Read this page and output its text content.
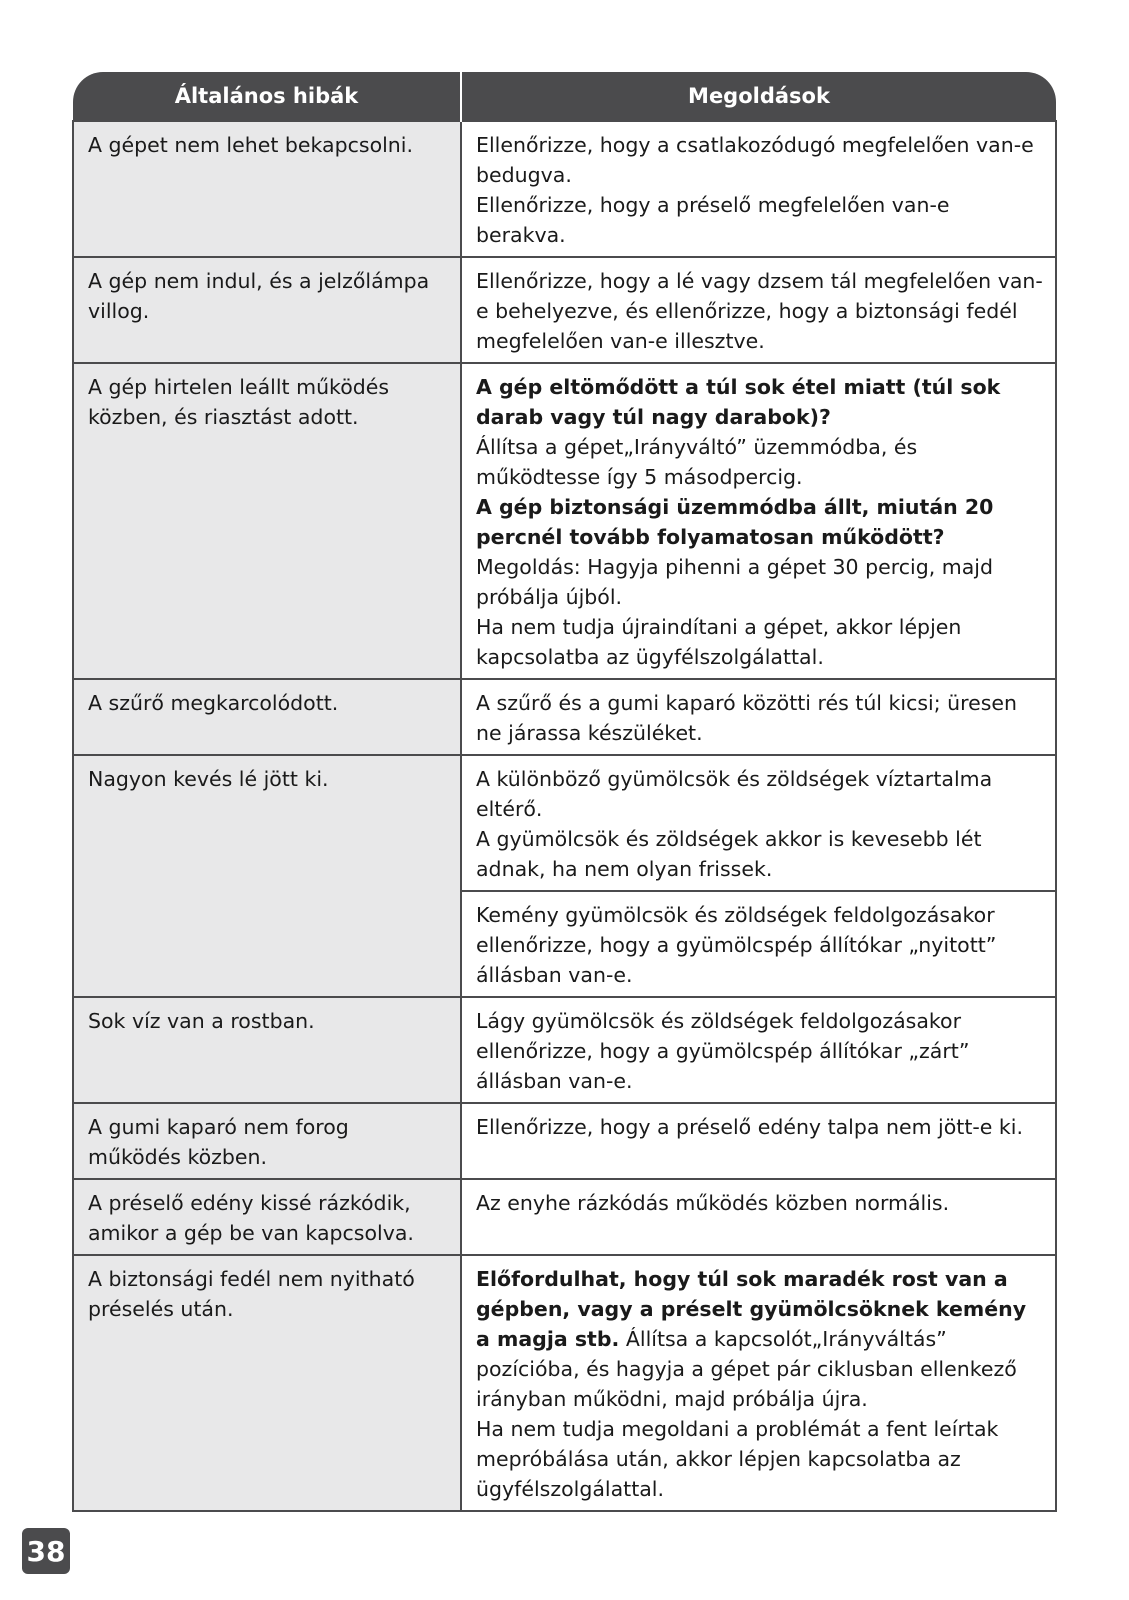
Általános hibák	Megoldások

A gépet nem lehet bekapcsolni.	Ellenőrizze, hogy a csatlakozódugó megfelelően van-e bedugva.

Ellenőrizze, hogy a préselő megfelelően van-e berakva.

A gép nem indul, és a jelzőlámpa villog.	Ellenőrizze, hogy a lé vagy dzsem tál megfelelően van-e behelyezve, és ellenőrizze, hogy a biztonsági fedél megfelelően van-e illesztve.

A gép hirtelen leállt működés közben, és riasztást adott.	A gép eltömődött a túl sok étel miatt (túl sok darab vagy túl nagy darabok)?

Állítsa a gépet„Irányváltó” üzemmódba, és működtesse így 5 másodpercig.

A gép biztonsági üzemmódba állt, miután 20 percnél tovább folyamatosan működött?

Megoldás: Hagyja pihenni a gépet 30 percig, majd próbálja újból.

Ha nem tudja újraindítani a gépet, akkor lépjen kapcsolatba az ügyfélszolgálattal.

A szűrő megkarcolódott.	A szűrő és a gumi kaparó közötti rés túl kicsi; üresen ne járassa készüléket.

Nagyon kevés lé jött ki.	A különböző gyümölcsök és zöldségek víztartalma eltérő.

A gyümölcsök és zöldségek akkor is kevesebb lét adnak, ha nem olyan frissek.

	Kemény gyümölcsök és zöldségek feldolgozásakor ellenőrizze, hogy a gyümölcspép állítókar „nyitott” állásban van-e.

Sok víz van a rostban.	Lágy gyümölcsök és zöldségek feldolgozásakor ellenőrizze, hogy a gyümölcspép állítókar „zárt” állásban van-e.

A gumi kaparó nem forog működés közben.	Ellenőrizze, hogy a préselő edény talpa nem jött-e ki.

A préselő edény kissé rázkódik, amikor a gép be van kapcsolva.	Az enyhe rázkódás működés közben normális.

A biztonsági fedél nem nyitható préselés után.	Előfordulhat, hogy túl sok maradék rost van a gépben, vagy a préselt gyümölcsöknek kemény a magja stb. Állítsa a kapcsolót„Irányváltás” pozícióba, és hagyja a gépet pár ciklusban ellenkező irányban működni, majd próbálja újra.

Ha nem tudja megoldani a problémát a fent leírtak mepróbálása után, akkor lépjen kapcsolatba az ügyfélszolgálattal.

38
